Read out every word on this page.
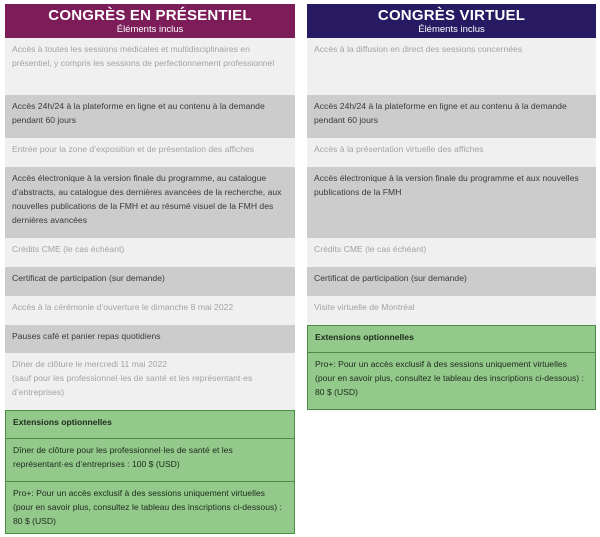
CONGRÈS EN PRÉSENTIEL
Éléments inclus
Accès à toutes les sessions médicales et multidisciplinaires en présentiel, y compris les sessions de perfectionnement professionnel
Accès 24h/24 à la plateforme en ligne et au contenu à la demande pendant 60 jours
Entrée pour la zone d’exposition et de présentation des affiches
Accès électronique à la version finale du programme, au catalogue d’abstracts, au catalogue des dernières avancées de la recherche, aux nouvelles publications de la FMH et au résumé visuel de la FMH des dernières avancées
Crédits CME (le cas échéant)
Certificat de participation (sur demande)
Accès à la cérémonie d’ouverture le dimanche 8 mai 2022
Pauses café et panier repas quotidiens
Dîner de clôture le mercredi 11 mai 2022
(sauf pour les professionnel·les de santé et les représentant·es d’entreprises)
Extensions optionnelles
Dîner de clôture pour les professionnel·les de santé et les représentant·es d’entreprises : 100 $ (USD)
Pro+: Pour un accès exclusif à des sessions uniquement virtuelles (pour en savoir plus, consultez le tableau des inscriptions ci-dessous) : 80 $ (USD)
CONGRÈS VIRTUEL
Éléments inclus
Accès à la diffusion en direct des sessions concernées
Accès 24h/24 à la plateforme en ligne et au contenu à la demande pendant 60 jours
Accès à la présentation virtuelle des affiches
Accès électronique à la version finale du programme et aux nouvelles publications de la FMH
Crédits CME (le cas échéant)
Certificat de participation (sur demande)
Visite virtuelle de Montréal
Extensions optionnelles
Pro+: Pour un accès exclusif à des sessions uniquement virtuelles (pour en savoir plus, consultez le tableau des inscriptions ci-dessous) : 80 $ (USD)
